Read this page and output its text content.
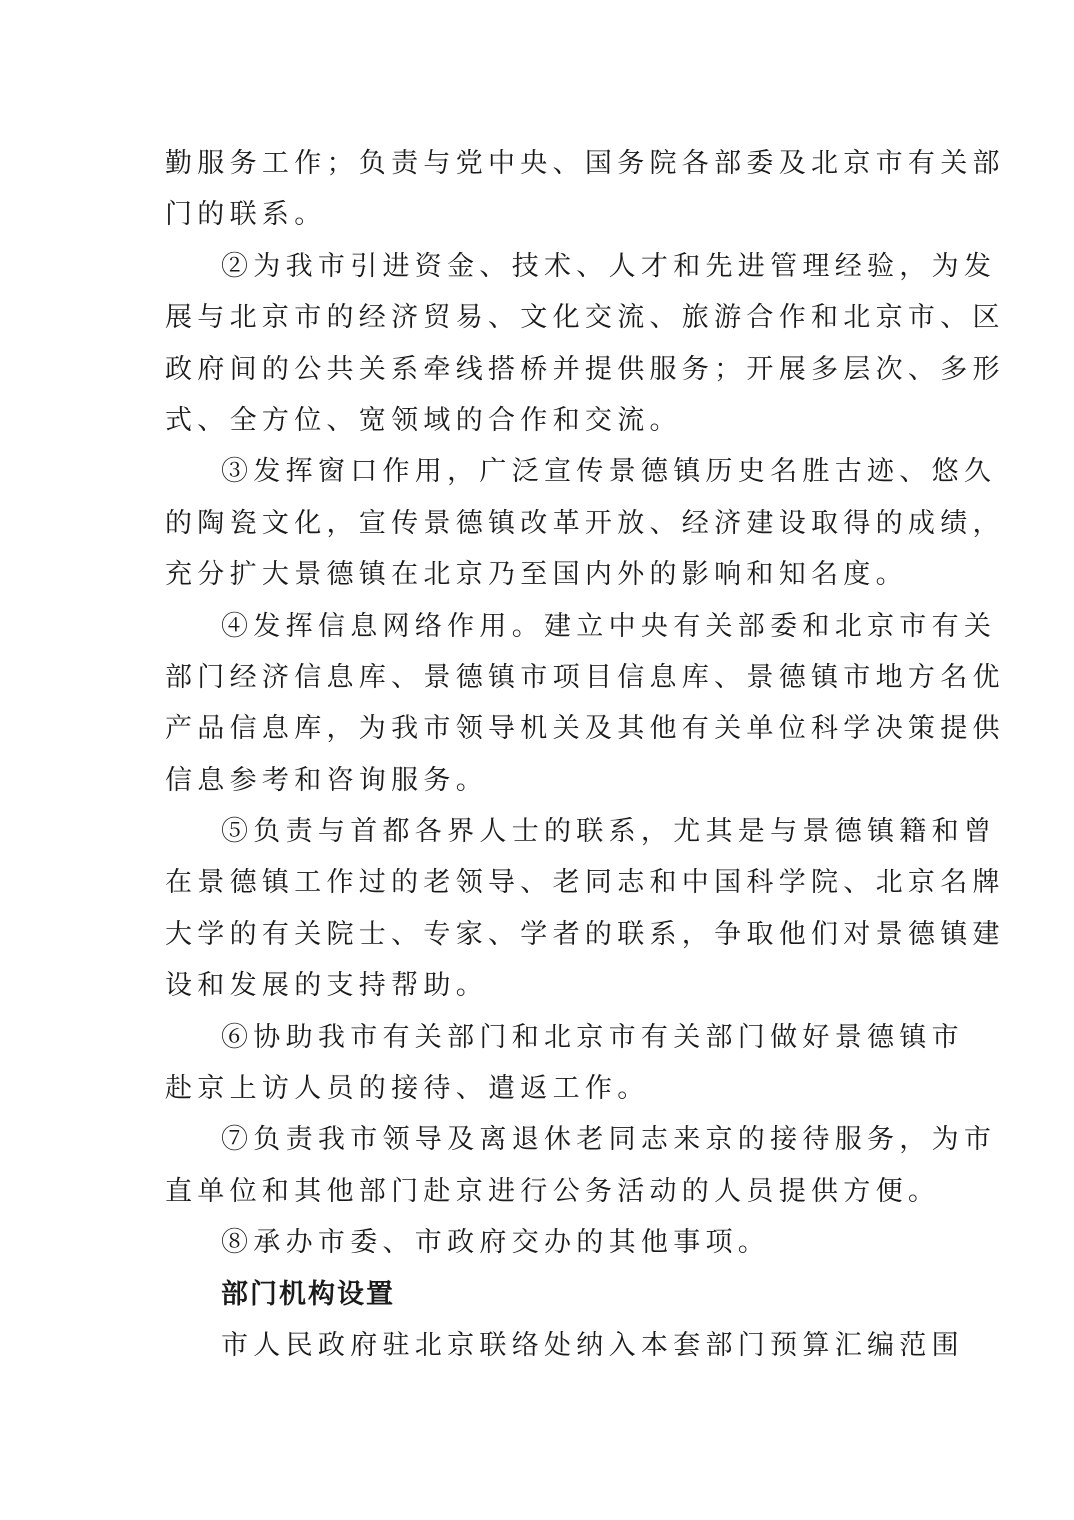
勤服务工作；负责与党中央、国务院各部委及北京市有关部
门的联系。
②为我市引进资金、技术、人才和先进管理经验，为发
展与北京市的经济贸易、文化交流、旅游合作和北京市、区
政府间的公共关系牵线搭桥并提供服务；开展多层次、多形
式、全方位、宽领域的合作和交流。
③发挥窗口作用，广泛宣传景德镇历史名胜古迹、悠久
的陶瓷文化，宣传景德镇改革开放、经济建设取得的成绩，
充分扩大景德镇在北京乃至国内外的影响和知名度。
④发挥信息网络作用。建立中央有关部委和北京市有关
部门经济信息库、景德镇市项目信息库、景德镇市地方名优
产品信息库，为我市领导机关及其他有关单位科学决策提供
信息参考和咨询服务。
⑤负责与首都各界人士的联系，尤其是与景德镇籍和曾
在景德镇工作过的老领导、老同志和中国科学院、北京名牌
大学的有关院士、专家、学者的联系，争取他们对景德镇建
设和发展的支持帮助。
⑥协助我市有关部门和北京市有关部门做好景德镇市
赴京上访人员的接待、遣返工作。
⑦负责我市领导及离退休老同志来京的接待服务，为市
直单位和其他部门赴京进行公务活动的人员提供方便。
⑧承办市委、市政府交办的其他事项。
部门机构设置
市人民政府驻北京联络处纳入本套部门预算汇编范围
